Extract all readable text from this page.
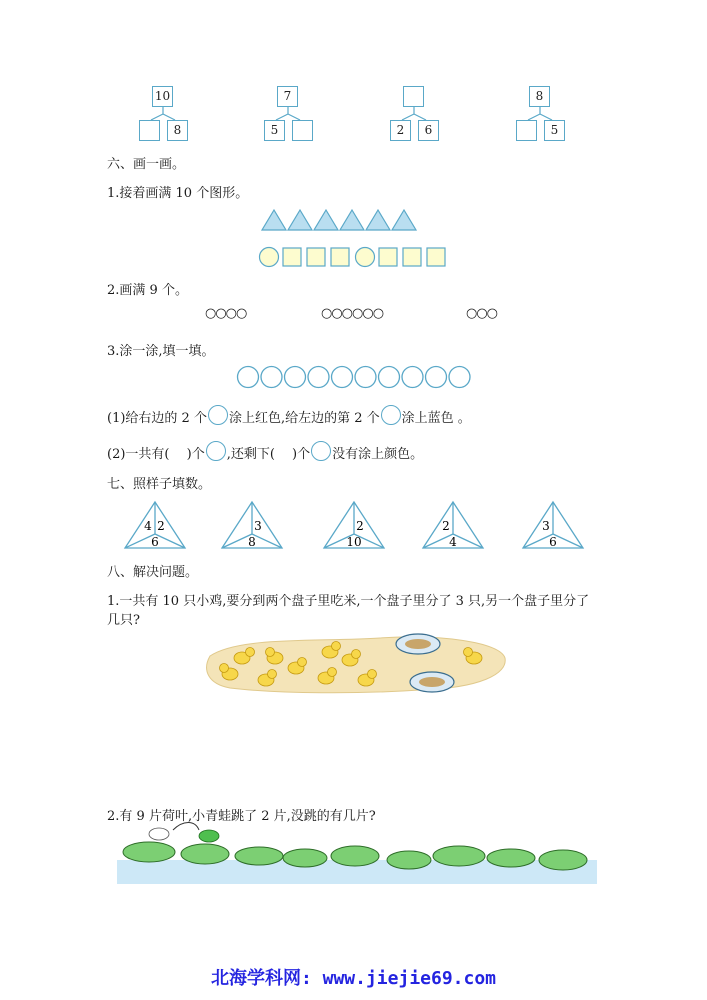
10
8
7
5	2	6
8
5
六、画一画。
1.接着画满 10 个图形。
2.画满 9 个。
○○○○	○○○○○○	○○○
3.涂一涂,填一填。
(1)给右边的 2 个 涂上红色,给左边的第 2 个 涂上蓝色 。
(2)一共有(　 )个 ,还剩下(　 )个 没有涂上颜色。
七、照样子填数。
4 2
6
3
8
2
10
2
4
3
6
八、解决问题。
1.一共有 10 只小鸡,要分到两个盘子里吃米,一个盘子里分了 3 只,另一个盘子里分了
几只?
2.有 9 片荷叶,小青蛙跳了 2 片,没跳的有几片?
北海学科网: www.jiejie69.com
